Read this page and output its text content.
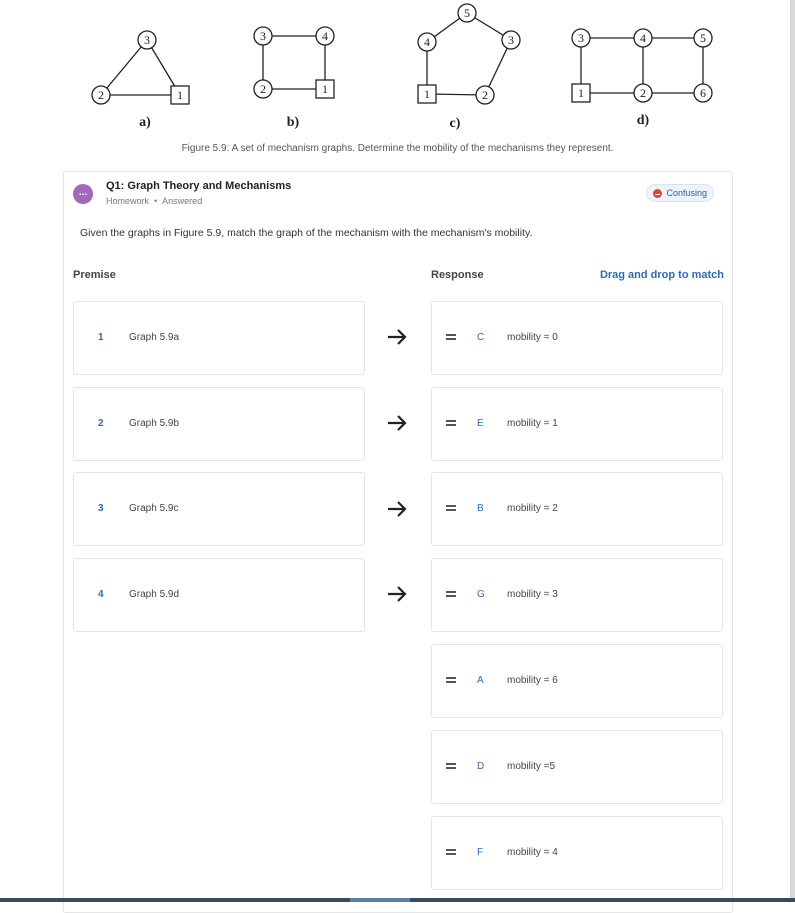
3
2	1
3	4
2	1
5
4	3
1	2
3	4	5
1	2	6
a)	b)	c)	d)
Figure 5.9: A set of mechanism graphs. Determine the mobility of the mechanisms they represent.
...
Q1: Graph Theory and Mechanisms
Homework • Answered
Confusing
Given the graphs in Figure 5.9, match the graph of the mechanism with the mechanism's mobility.
Premise	Response	Drag and drop to match
1	Graph 5.9a
2	Graph 5.9b
3	Graph 5.9c
4	Graph 5.9d
C mobility = 0
E mobility = 1
B mobility = 2
G mobility = 3
A mobility = 6
D mobility =5
F mobility = 4
